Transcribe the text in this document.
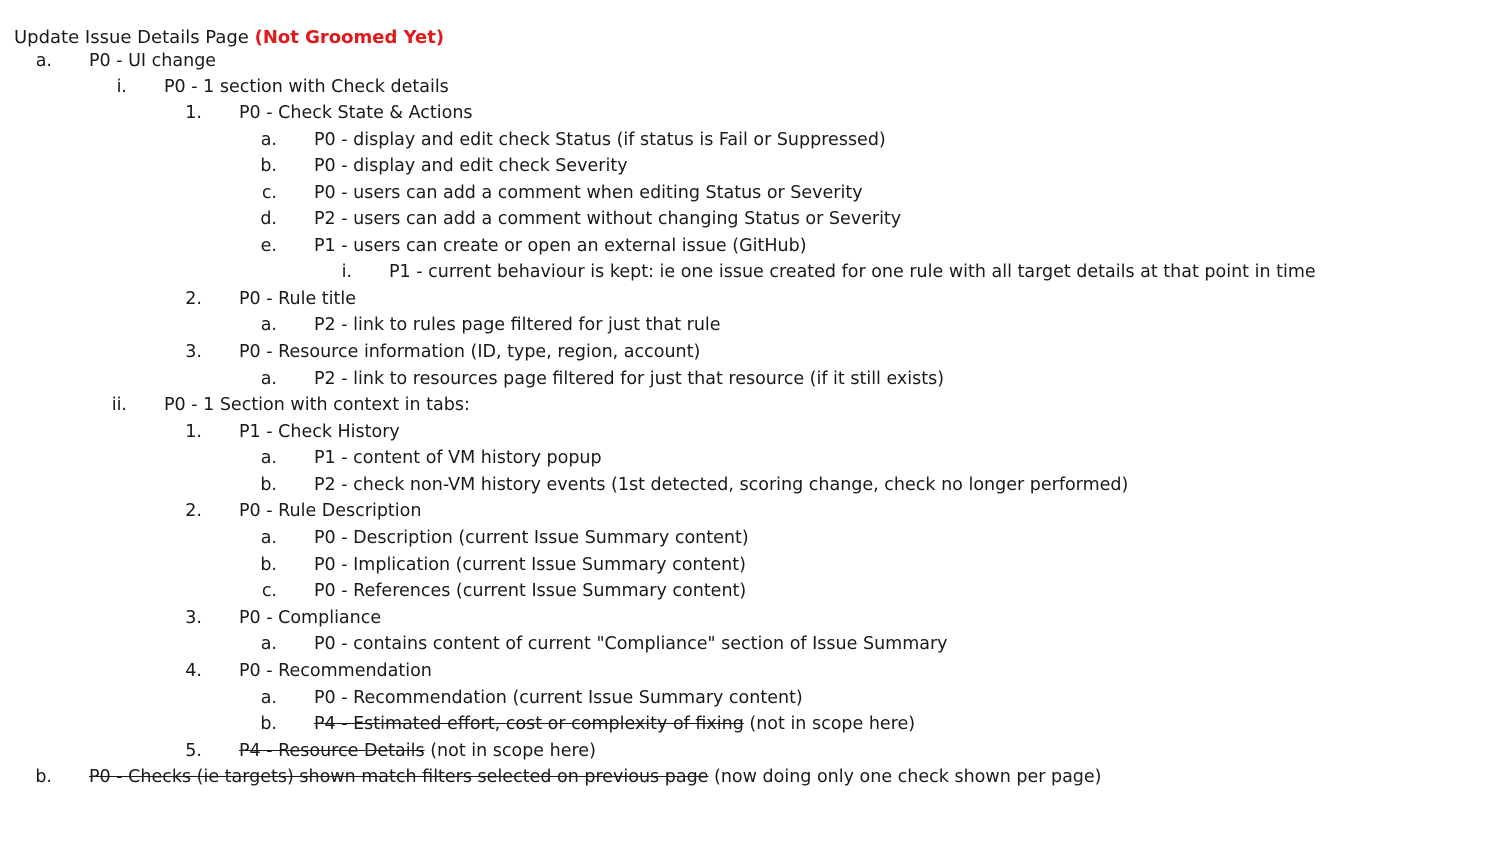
Update Issue Details Page (Not Groomed Yet)
a. P0 - UI change
i. P0 - 1 section with Check details
1. P0 - Check State & Actions
a. P0 - display and edit check Status (if status is Fail or Suppressed)
b. P0 - display and edit check Severity
c. P0 - users can add a comment when editing Status or Severity
d. P2 - users can add a comment without changing Status or Severity
e. P1 - users can create or open an external issue (GitHub)
i. P1 - current behaviour is kept: ie one issue created for one rule with all target details at that point in time
2. P0 - Rule title
a. P2 - link to rules page filtered for just that rule
3. P0 - Resource information (ID, type, region, account)
a. P2 - link to resources page filtered for just that resource (if it still exists)
ii. P0 - 1 Section with context in tabs:
1. P1 - Check History
a. P1 - content of VM history popup
b. P2 - check non-VM history events (1st detected, scoring change, check no longer performed)
2. P0 - Rule Description
a. P0 - Description (current Issue Summary content)
b. P0 - Implication (current Issue Summary content)
c. P0 - References (current Issue Summary content)
3. P0 - Compliance
a. P0 - contains content of current "Compliance" section of Issue Summary
4. P0 - Recommendation
a. P0 - Recommendation (current Issue Summary content)
b. P4 - Estimated effort, cost or complexity of fixing (not in scope here)
5. P4 - Resource Details (not in scope here)
b. P0 - Checks (ie targets) shown match filters selected on previous page (now doing only one check shown per page)
